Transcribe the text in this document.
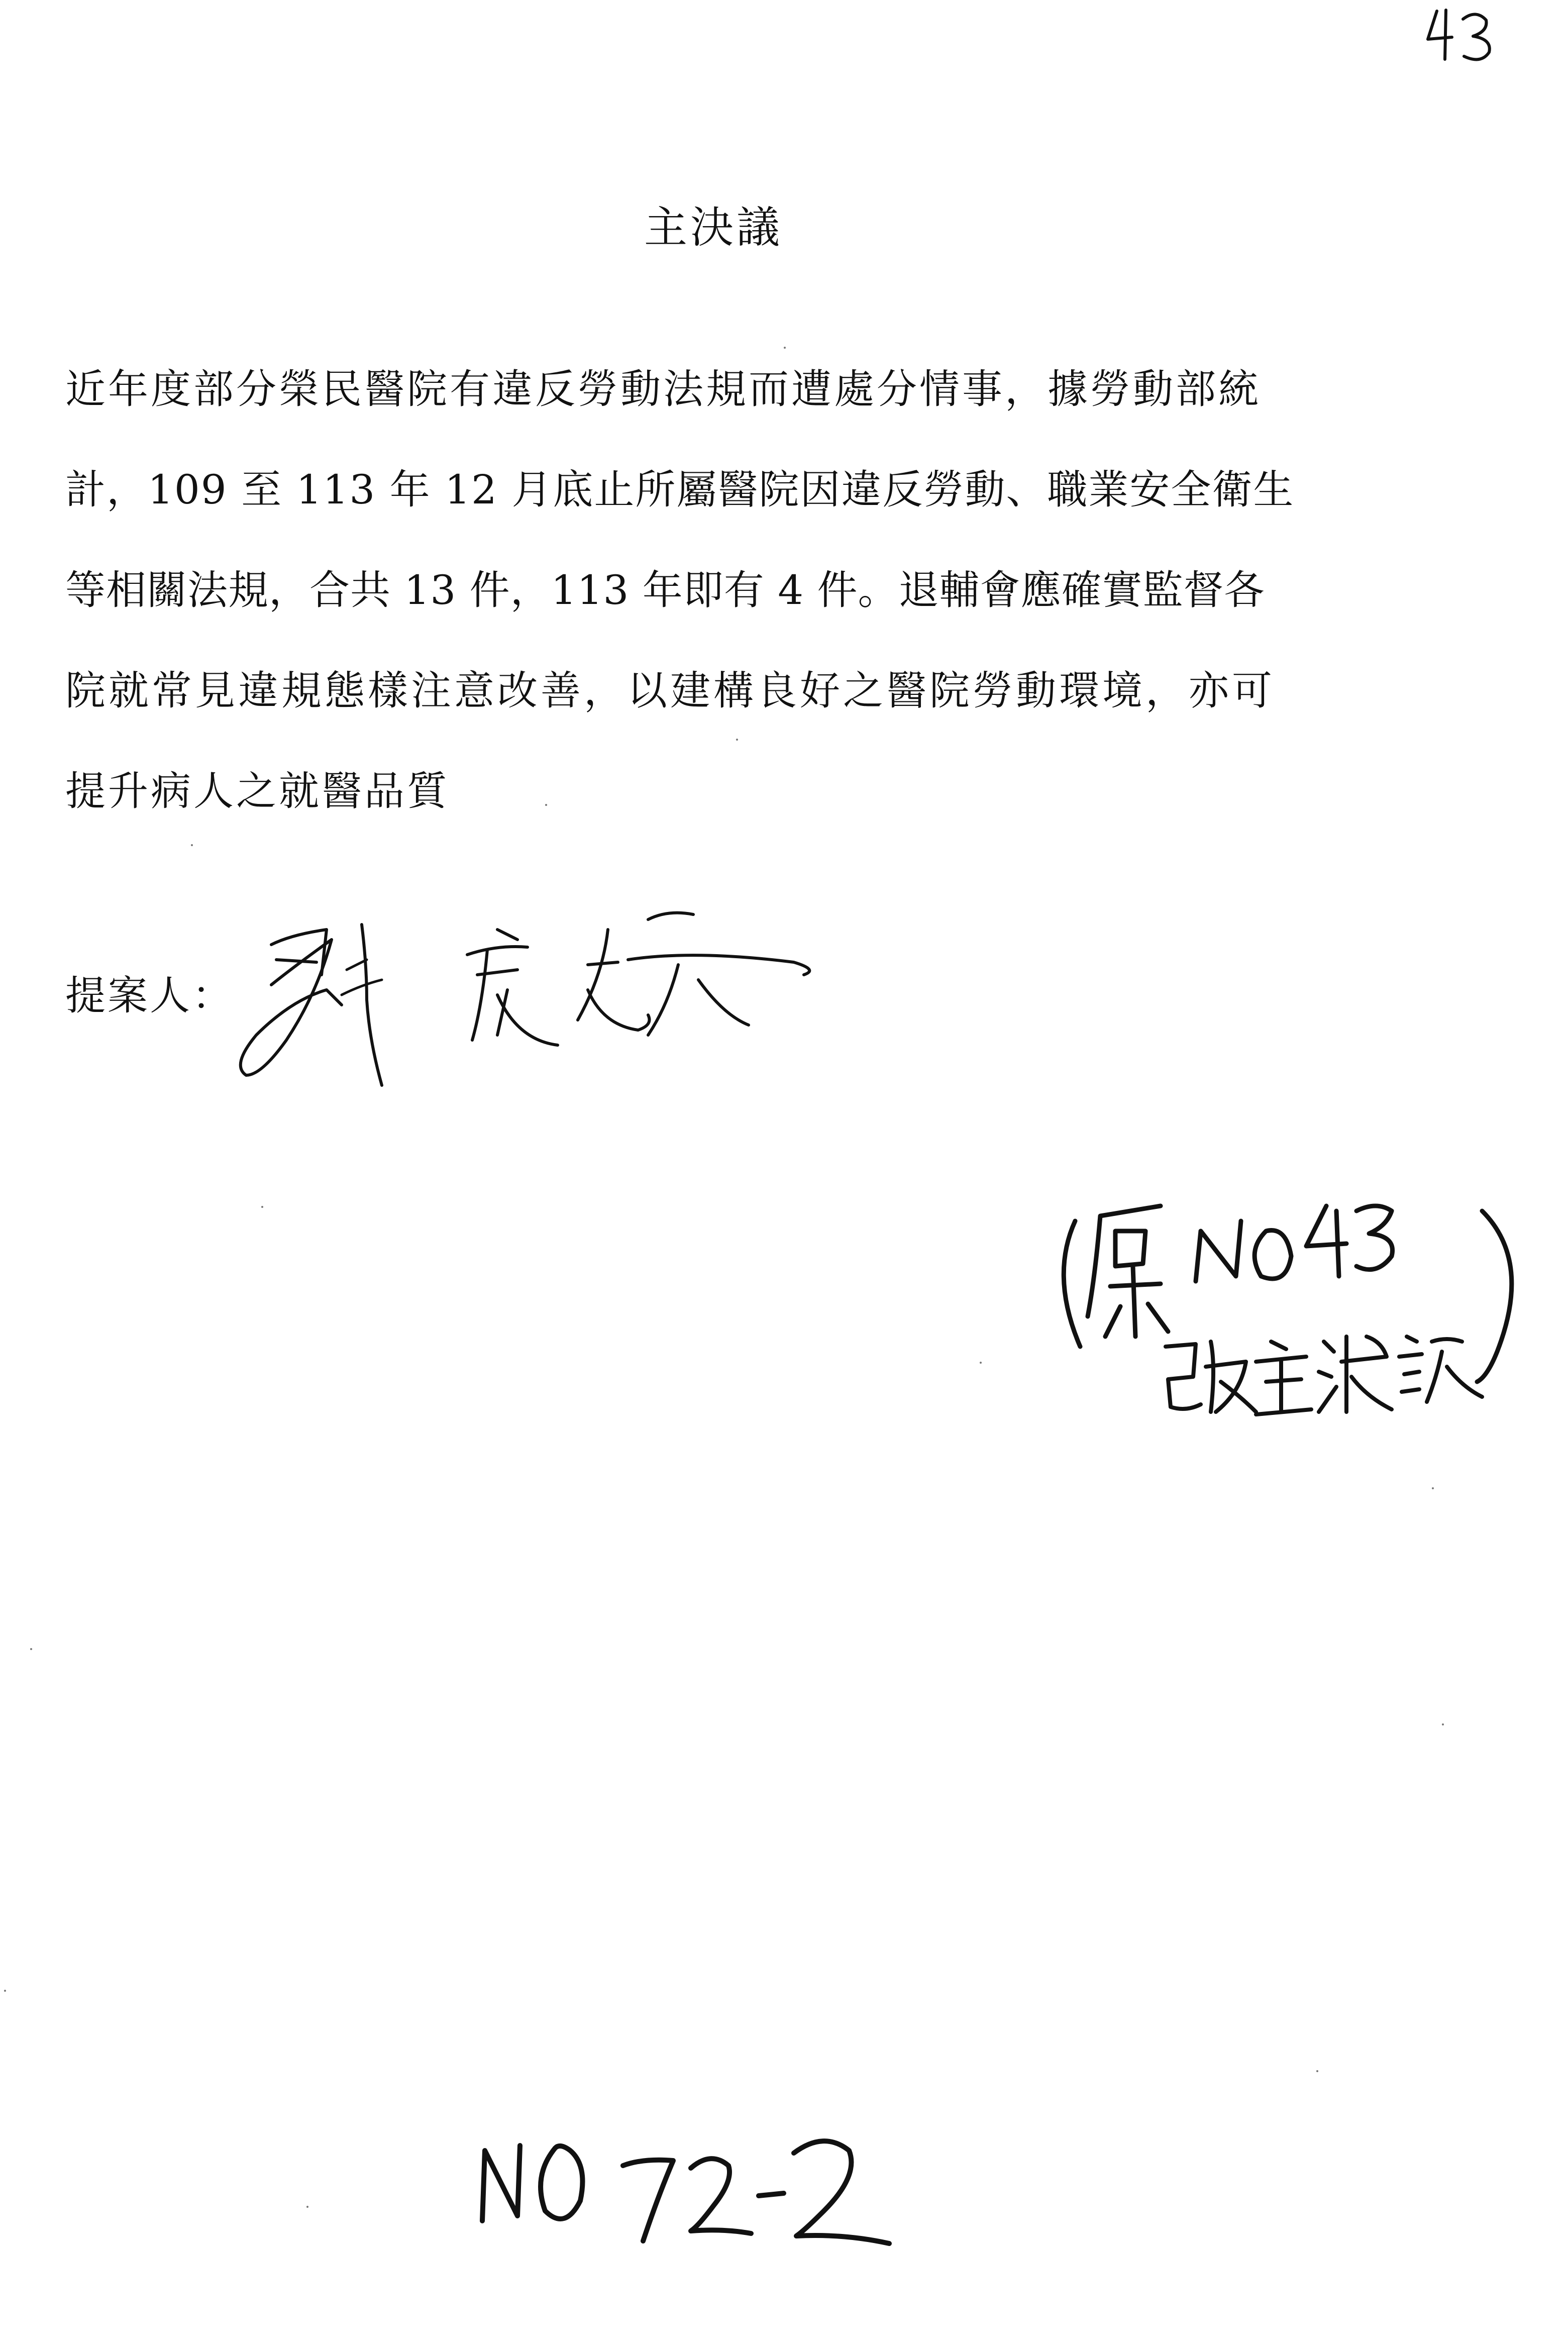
主決議
近年度部分榮民醫院有違反勞動法規而遭處分情事，據勞動部統
計，109 至 113 年 12 月底止所屬醫院因違反勞動、職業安全衛生
等相關法規，合共 13 件，113 年即有 4 件。退輔會應確實監督各
院就常見違規態樣注意改善，以建構良好之醫院勞動環境，亦可
提升病人之就醫品質
提案人：
